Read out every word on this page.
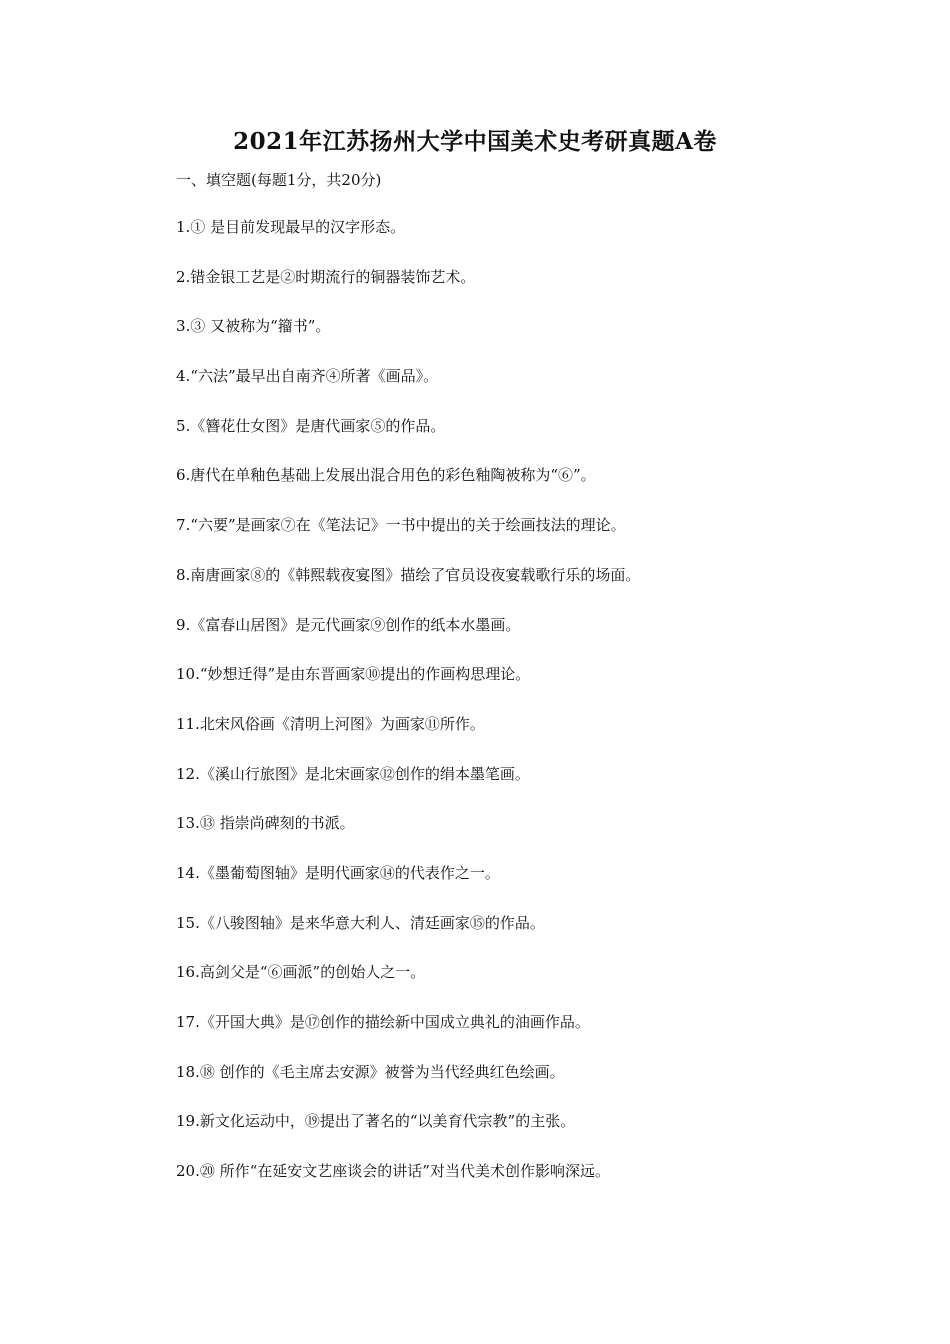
2021年江苏扬州大学中国美术史考研真题A卷
一、填空题(每题1分，共20分)
1.① 是目前发现最早的汉字形态。
2.错金银工艺是②时期流行的铜器装饰艺术。
3.③ 又被称为“籀书”。
4.“六法”最早出自南齐④所著《画品》。
5.《簪花仕女图》是唐代画家⑤的作品。
6.唐代在单釉色基础上发展出混合用色的彩色釉陶被称为“⑥”。
7.“六要”是画家⑦在《笔法记》一书中提出的关于绘画技法的理论。
8.南唐画家⑧的《韩熙载夜宴图》描绘了官员设夜宴载歌行乐的场面。
9.《富春山居图》是元代画家⑨创作的纸本水墨画。
10.“妙想迁得”是由东晋画家⑩提出的作画构思理论。
11.北宋风俗画《清明上河图》为画家⑪所作。
12.《溪山行旅图》是北宋画家⑫创作的绢本墨笔画。
13.⑬ 指崇尚碑刻的书派。
14.《墨葡萄图轴》是明代画家⑭的代表作之一。
15.《八骏图轴》是来华意大利人、清廷画家⑮的作品。
16.高剑父是“⑥画派”的创始人之一。
17.《开国大典》是⑰创作的描绘新中国成立典礼的油画作品。
18.⑱ 创作的《毛主席去安源》被誉为当代经典红色绘画。
19.新文化运动中，⑲提出了著名的“以美育代宗教”的主张。
20.⑳ 所作“在延安文艺座谈会的讲话”对当代美术创作影响深远。
